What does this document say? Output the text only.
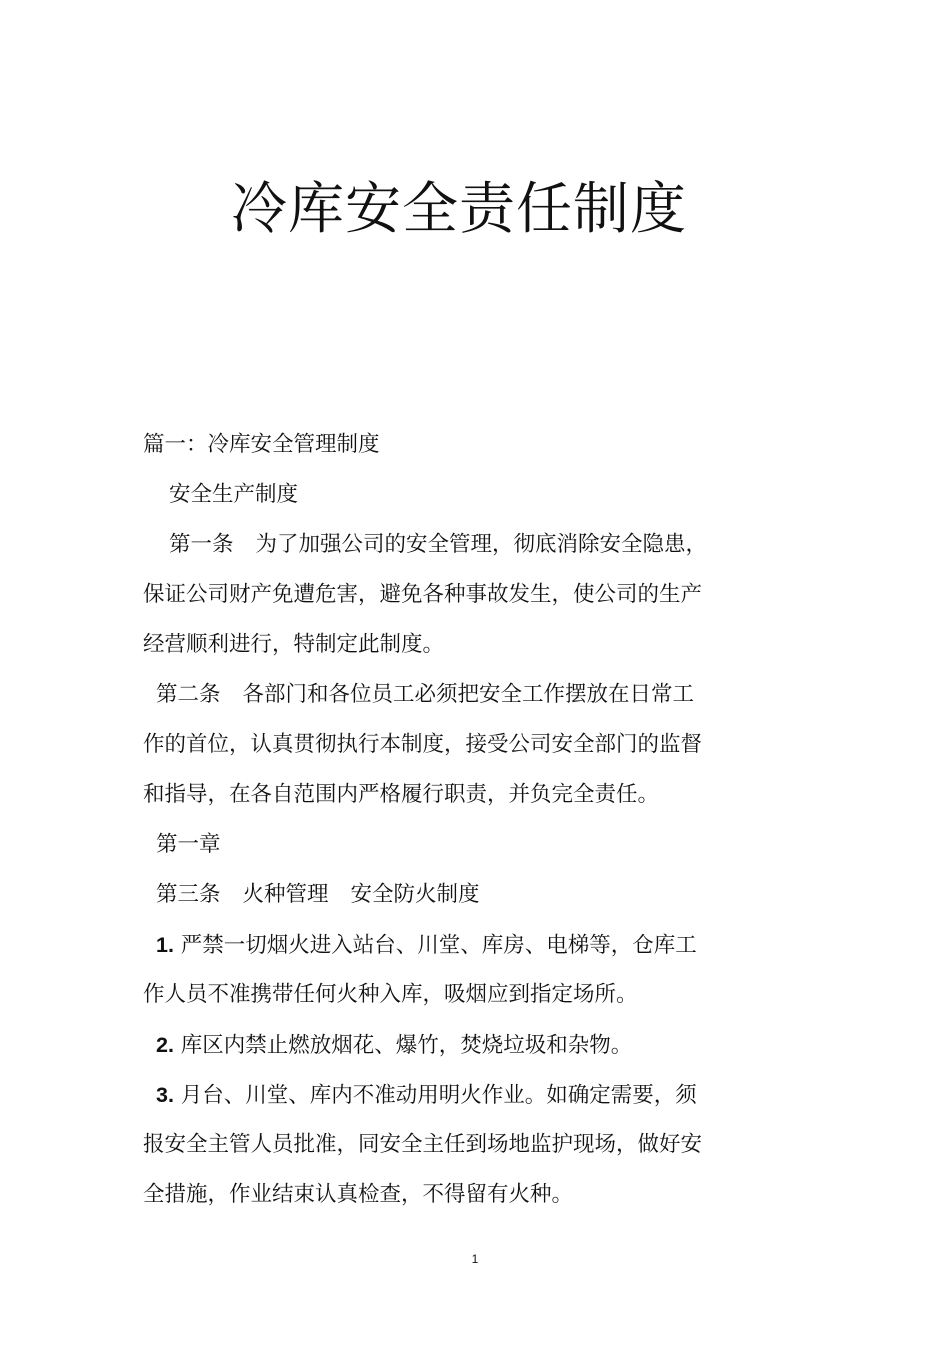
冷库安全责任制度
篇一：冷库安全管理制度
安全生产制度
第一条 为了加强公司的安全管理，彻底消除安全隐患，
保证公司财产免遭危害，避免各种事故发生，使公司的生产
经营顺利进行，特制定此制度。
第二条 各部门和各位员工必须把安全工作摆放在日常工
作的首位，认真贯彻执行本制度，接受公司安全部门的监督
和指导，在各自范围内严格履行职责，并负完全责任。
第一章
第三条 火种管理 安全防火制度
1. 严禁一切烟火进入站台、川堂、库房、电梯等，仓库工
作人员不准携带任何火种入库，吸烟应到指定场所。
2. 库区内禁止燃放烟花、爆竹，焚烧垃圾和杂物。
3. 月台、川堂、库内不准动用明火作业。如确定需要，须
报安全主管人员批准，同安全主任到场地监护现场，做好安
全措施，作业结束认真检查，不得留有火种。
1
